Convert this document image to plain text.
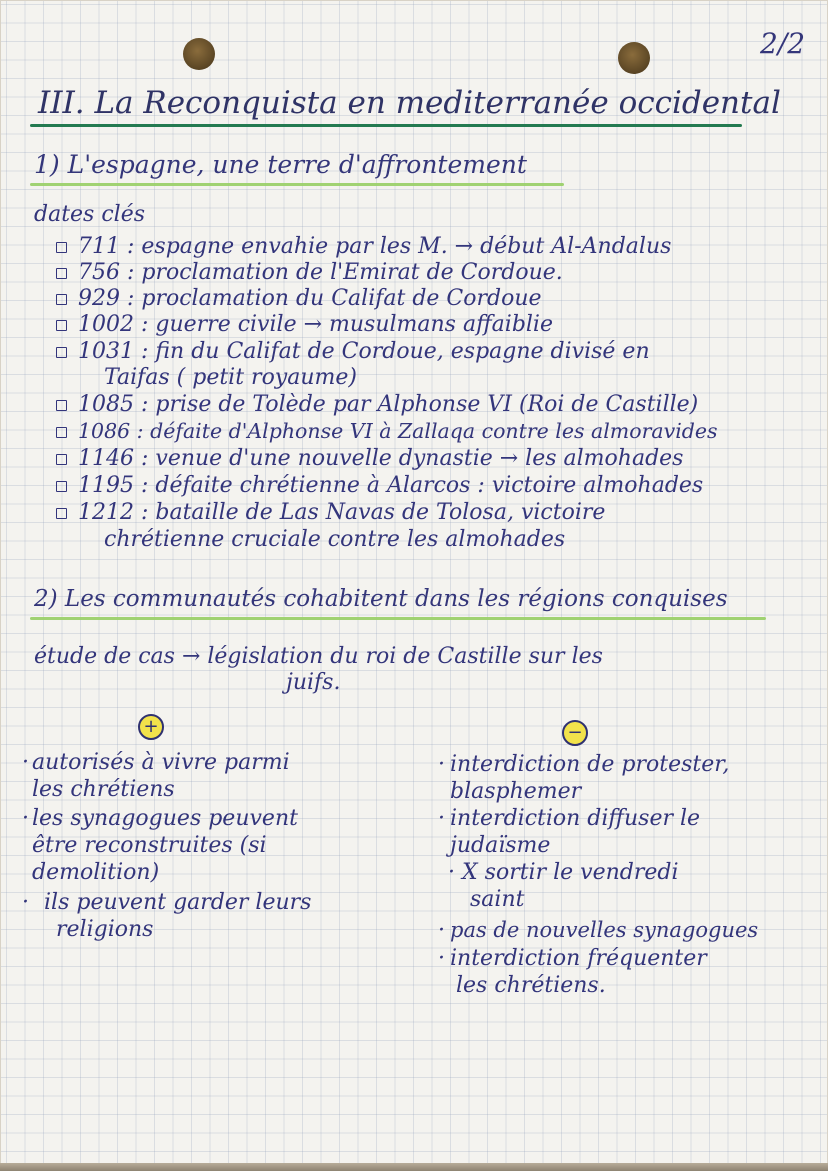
2/2
III. La Reconquista en mediterranée occidental
1) L'espagne, une terre d'affrontement
dates clés
711 : espagne envahie par les M. → début Al-Andalus
756 : proclamation de l'Emirat de Cordoue.
929 : proclamation du Califat de Cordoue
1002 : guerre civile → musulmans affaiblie
1031 : fin du Califat de Cordoue, espagne divisé en
Taifas ( petit royaume)
1085 : prise de Tolède par Alphonse VI (Roi de Castille)
1086 : défaite d'Alphonse VI à Zallaqa contre les almoravides
1146 : venue d'une nouvelle dynastie → les almohades
1195 : défaite chrétienne à Alarcos : victoire almohades
1212 : bataille de Las Navas de Tolosa, victoire
chrétienne cruciale contre les almohades
2) Les communautés cohabitent dans les régions conquises
étude de cas → législation du roi de Castille sur les
juifs.
+	−
· autorisés à vivre parmi
les chrétiens
· les synagogues peuvent
être reconstruites (si
demolition)
· ils peuvent garder leurs
religions
· interdiction de protester,
blasphemer
· interdiction diffuser le
judaïsme
· X sortir le vendredi
saint
· pas de nouvelles synagogues
· interdiction fréquenter
les chrétiens.
